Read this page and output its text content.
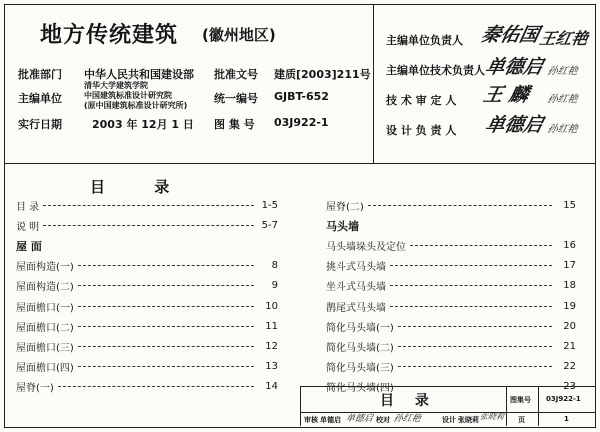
地方传统建筑 (徽州地区)
批准部门 中华人民共和国建设部 批准文号 建质[2003]211号
主编单位
清华大学建筑学院
中国建筑标准设计研究院
(原中国建筑标准设计研究所)
统一编号 GJBT-652
实行日期	2003 年 12月 1 日 图 集 号 03J922-1
主编单位负责人 秦佑国
王红艳
主编单位技术负责人
单德启 孙红艳
技 术 审 定 人 王 麟 孙红艳
设 计 负 责 人 单德启 孙红艳
目 录
目 录	1-5
说 明	5-7
屋 面
屋面构造(一)	8
屋面构造(二)	9
屋面檐口(一)	10
屋面檐口(二)	11
屋面檐口(三)	12
屋面檐口(四)	13
屋脊(一)	14
屋脊(二)	15
马头墙
马头墙垛头及定位	16
挑斗式马头墙	17
坐斗式马头墙	18
鹊尾式马头墙	19
简化马头墙(一)	20
简化马头墙(二)	21
简化马头墙(三)	22
简化马头墙(四)	23
目 录	图集号 03J922-1
审核 单德启 单德启 校对 孙红艳	设计 张晓莉 张晓莉 页	1
